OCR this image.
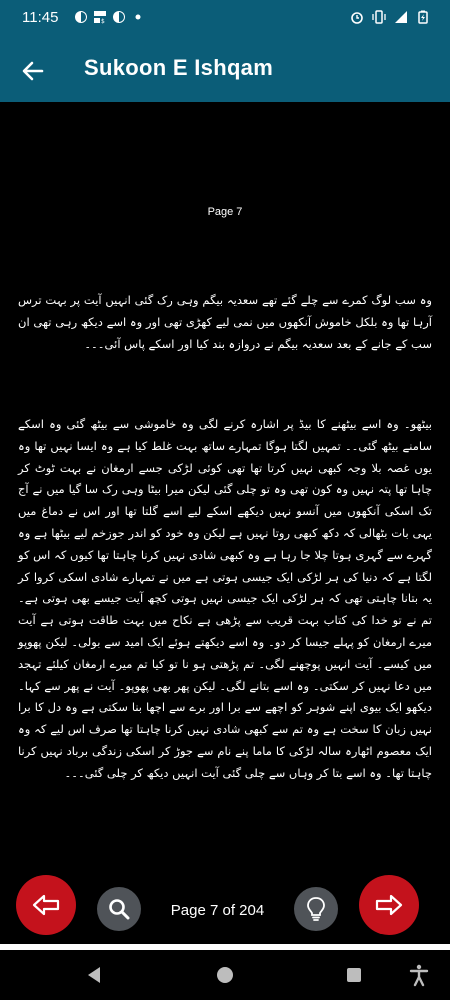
11:45	$
Sukoon E Ishqam
Page 7
وہ سب لوگ کمرے سے چلے گئے تھے سعدیہ بیگم وہی رک گئی انہیں آیت پر بہت ترس آرہا تھا وہ بلکل خاموش آنکھوں میں نمی لیے کھڑی تھی اور وہ اسے دیکھ رہی تھی ان سب کے جانے کے بعد سعدیہ بیگم نے دروازہ بند کیا اور اسکے پاس آئی۔۔۔
بیٹھو۔ وہ اسے بیٹھنے کا بیڈ پر اشارہ کرنے لگی وہ خاموشی سے بیٹھ گئی وہ اسکے سامنے بیٹھ گئی۔۔ تمہیں لگتا ہوگا تمہارے ساتھ بہت غلط کیا ہے وہ ایسا نہیں تھا وہ یوں غصہ بلا وجہ کبھی نہیں کرتا تھا تھی کوئی لڑکی جسے ارمغان نے بہت ٹوٹ کر چاہا تھا پتہ نہیں وہ کون تھی وہ تو چلی گئی لیکن میرا بیٹا وہی رک سا گیا میں نے آج تک اسکی آنکھوں میں آنسو نہیں دیکھے اسکے لیے اسے گلتا تھا اور اس نے دماغ میں یہی بات بٹھالی کہ دکھ کبھی روتا نہیں ہے لیکن وہ خود کو اندر جوزخم لیے بیٹھا ہے وہ گہرے سے گہری ہوتا چلا جا رہا ہے وہ کبھی شادی نہیں کرنا چاہتا تھا کیوں کہ اس کو لگتا ہے کہ دنیا کی ہر لڑکی ایک جیسی ہوتی ہے میں نے تمہارے شادی اسکی کروا کر یہ بتانا چاہتی تھی کہ ہر لڑکی ایک جیسی نہیں ہوتی کچھ آیت جیسے بھی ہوتی ہے۔ تم نے تو خدا کی کتاب بہت قریب سے پڑھی ہے نکاح میں بہت طاقت ہوتی ہے آیت میرے ارمغان کو پہلے جیسا کر دو۔ وہ اسے دیکھتے ہوئے ایک امید سے بولی۔ لیکن پھوپو میں کیسے۔ آیت انہیں پوچھنے لگی۔ تم پڑھتی ہو نا تو کیا تم میرے ارمغان کیلئے تہجد میں دعا نہیں کر سکتی۔ وہ اسے بتانے لگی۔ لیکن پھر بھی پھوپو۔ آیت نے پھر سے کہا۔ دیکھو ایک بیوی اپنے شوہر کو اچھے سے برا اور برے سے اچھا بنا سکتی ہے وہ دل کا برا نہیں زبان کا سخت ہے وہ تم سے کبھی شادی نہیں کرنا چاہتا تھا صرف اس لیے کہ وہ ایک معصوم اٹھارہ سالہ لڑکی کا ماما پنے نام سے جوڑ کر اسکی زندگی برباد نہیں کرنا چاہتا تھا۔ وہ اسے بتا کر وہاں سے چلی گئی آیت انہیں دیکھ کر چلی گئی۔۔۔
Page 7 of 204
